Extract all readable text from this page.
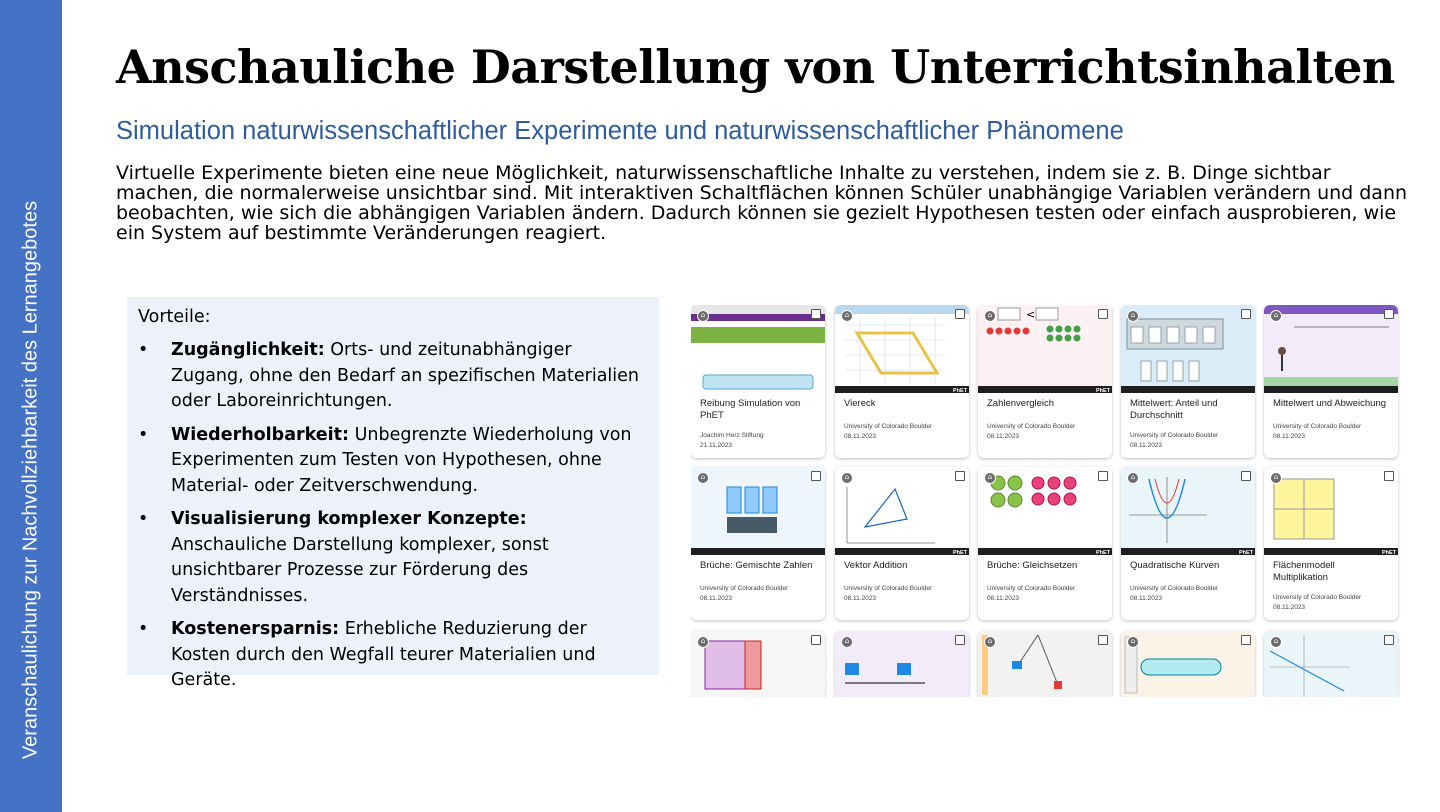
Veranschaulichung zur Nachvollziehbarkeit des Lernangebotes
Anschauliche Darstellung von Unterrichtsinhalten
Simulation naturwissenschaftlicher Experimente und naturwissenschaftlicher Phänomene

Virtuelle Experimente bieten eine neue Möglichkeit, naturwissenschaftliche Inhalte zu verstehen, indem sie z. B. Dinge sichtbar machen, die normalerweise unsichtbar sind. Mit interaktiven Schaltflächen können Schüler unabhängige Variablen verändern und dann beobachten, wie sich die abhängigen Variablen ändern. Dadurch können sie gezielt Hypothesen testen oder einfach ausprobieren, wie ein System auf bestimmte Veränderungen reagiert.

Vorteile:
• Zugänglichkeit: Orts- und zeitunabhängiger Zugang, ohne den Bedarf an spezifischen Materialien oder Laboreinrichtungen.
• Wiederholbarkeit: Unbegrenzte Wiederholung von Experimenten zum Testen von Hypothesen, ohne Material- oder Zeitverschwendung.
• Visualisierung komplexer Konzepte: Anschauliche Darstellung komplexer, sonst unsichtbarer Prozesse zur Förderung des Verständnisses.
• Kostenersparnis: Erhebliche Reduzierung der Kosten durch den Wegfall teurer Materialien und Geräte.
⌂
Reibung Simulation von PhET
Joachim Herz Stiftung
21.11.2023
PhET
⌂
Viereck
University of Colorado Boulder
08.11.2023
<
PhET
⌂
Zahlenvergleich
University of Colorado Boulder
08.11.2023
⌂
Mittelwert: Anteil und Durchschnitt
University of Colorado Boulder
08.11.2023
⌂
Mittelwert und Abweichung
University of Colorado Boulder
08.11.2023
⌂
Brüche: Gemischte Zahlen
University of Colorado Boulder
08.11.2023
PhET
⌂
Vektor Addition
University of Colorado Boulder
08.11.2023
PhET
⌂
Brüche: Gleichsetzen
University of Colorado Boulder
08.11.2023
PhET
⌂
Quadratische Kurven
University of Colorado Boulder
08.11.2023
PhET
⌂
Flächenmodell Multiplikation
University of Colorado Boulder
08.11.2023
⌂	⌂	⌂	⌂	⌂
